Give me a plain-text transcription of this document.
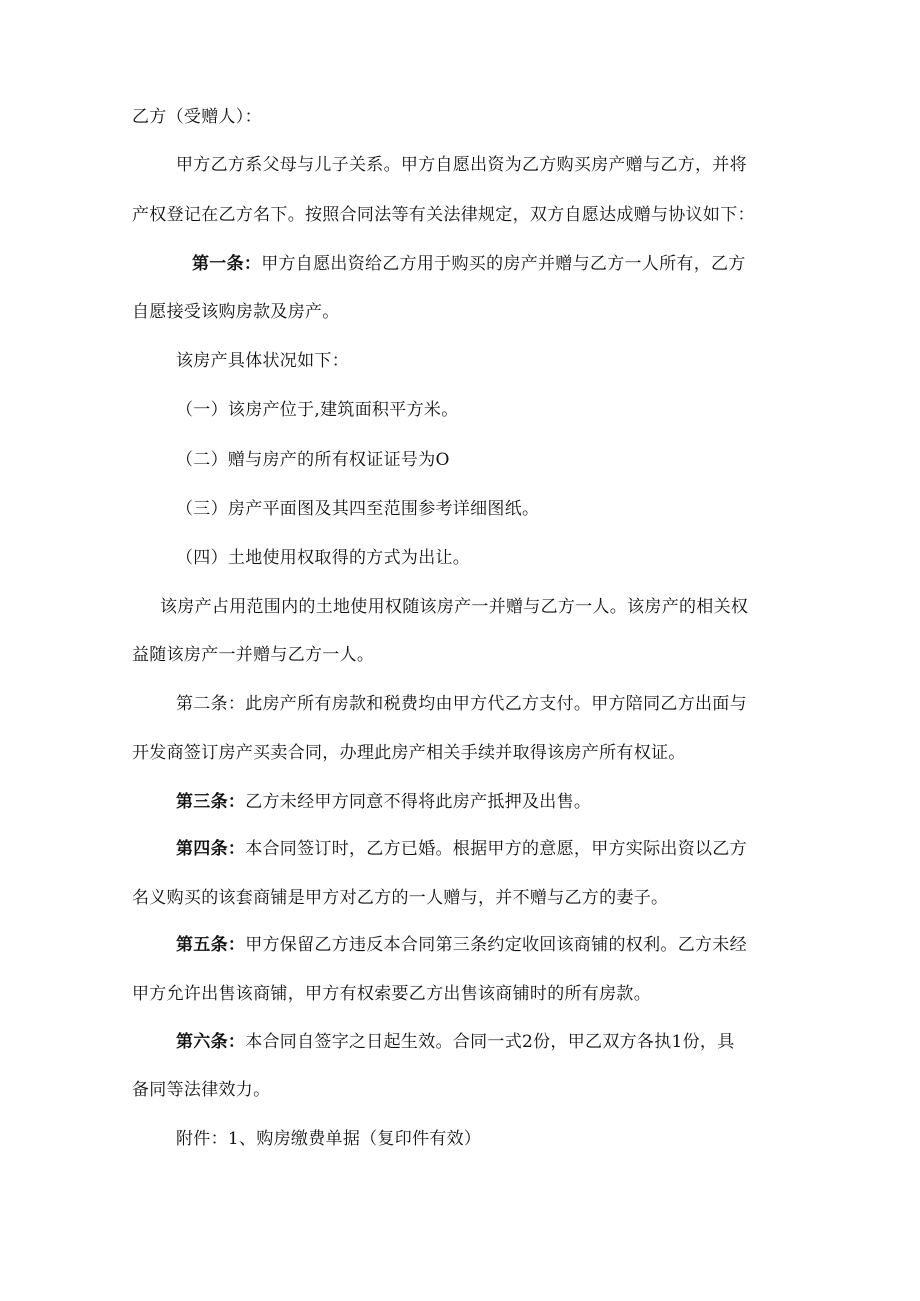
乙方（受赠人）：
甲方乙方系父母与儿子关系。甲方自愿出资为乙方购买房产赠与乙方，并将
产权登记在乙方名下。按照合同法等有关法律规定，双方自愿达成赠与协议如下：
第一条：甲方自愿出资给乙方用于购买的房产并赠与乙方一人所有，乙方
自愿接受该购房款及房产。
该房产具体状况如下：
（一）该房产位于,建筑面积平方米。
（二）赠与房产的所有权证证号为O
（三）房产平面图及其四至范围参考详细图纸。
（四）土地使用权取得的方式为出让。
该房产占用范围内的土地使用权随该房产一并赠与乙方一人。该房产的相关权
益随该房产一并赠与乙方一人。
第二条：此房产所有房款和税费均由甲方代乙方支付。甲方陪同乙方出面与
开发商签订房产买卖合同，办理此房产相关手续并取得该房产所有权证。
第三条：乙方未经甲方同意不得将此房产抵押及出售。
第四条：本合同签订时，乙方已婚。根据甲方的意愿，甲方实际出资以乙方
名义购买的该套商铺是甲方对乙方的一人赠与，并不赠与乙方的妻子。
第五条：甲方保留乙方违反本合同第三条约定收回该商铺的权利。乙方未经
甲方允许出售该商铺，甲方有权索要乙方出售该商铺时的所有房款。
第六条：本合同自签字之日起生效。合同一式2份，甲乙双方各执1份，具
备同等法律效力。
附件：1、购房缴费单据（复印件有效）
